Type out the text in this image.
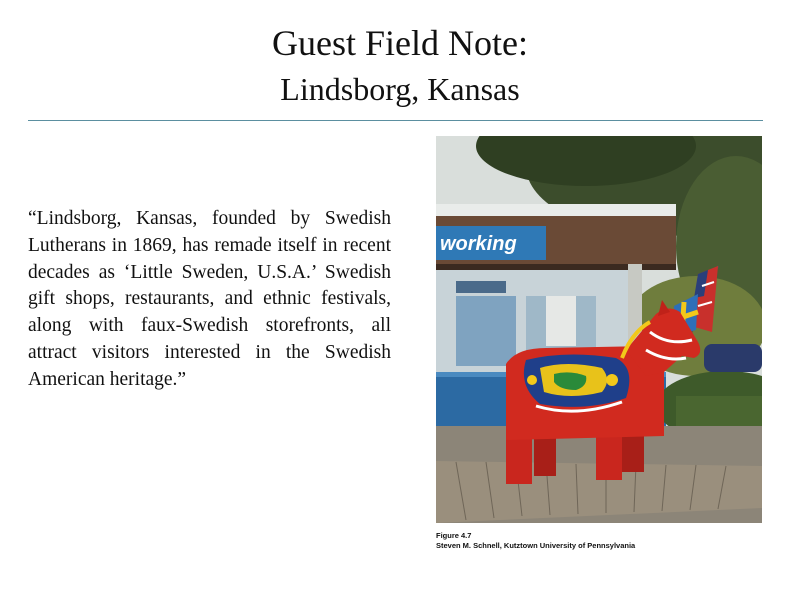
Guest Field Note:
Lindsborg, Kansas

“Lindsborg, Kansas, founded by Swedish Lutherans in 1869, has remade itself in recent decades as ‘Little Sweden, U.S.A.’ Swedish gift shops, restaurants, and ethnic festivals, along with faux-Swedish storefronts, all attract visitors interested in the Swedish American heritage.”

working
Figure 4.7
Steven M. Schnell, Kutztown University of Pennsylvania
